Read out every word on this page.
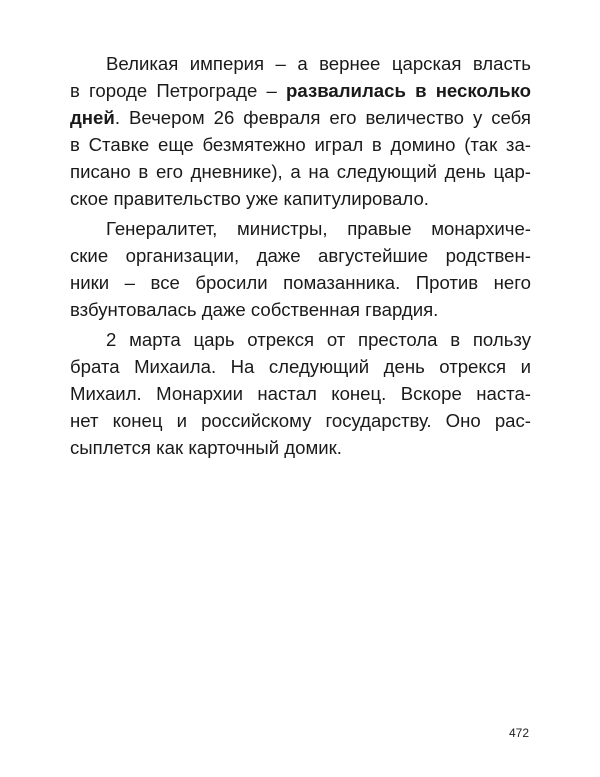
Великая империя – а вернее царская власть
в городе Петрограде – развалилась в несколько
дней. Вечером 26 февраля его величество у себя
в Ставке еще безмятежно играл в домино (так за-
писано в его дневнике), а на следующий день цар-
ское правительство уже капитулировало.
Генералитет, министры, правые монархиче-
ские организации, даже августейшие родствен-
ники – все бросили помазанника. Против него
взбунтовалась даже собственная гвардия.
2 марта царь отрекся от престола в пользу
брата Михаила. На следующий день отрекся и
Михаил. Монархии настал конец. Вскоре наста-
нет конец и российскому государству. Оно рас-
сыплется как карточный домик.
472
